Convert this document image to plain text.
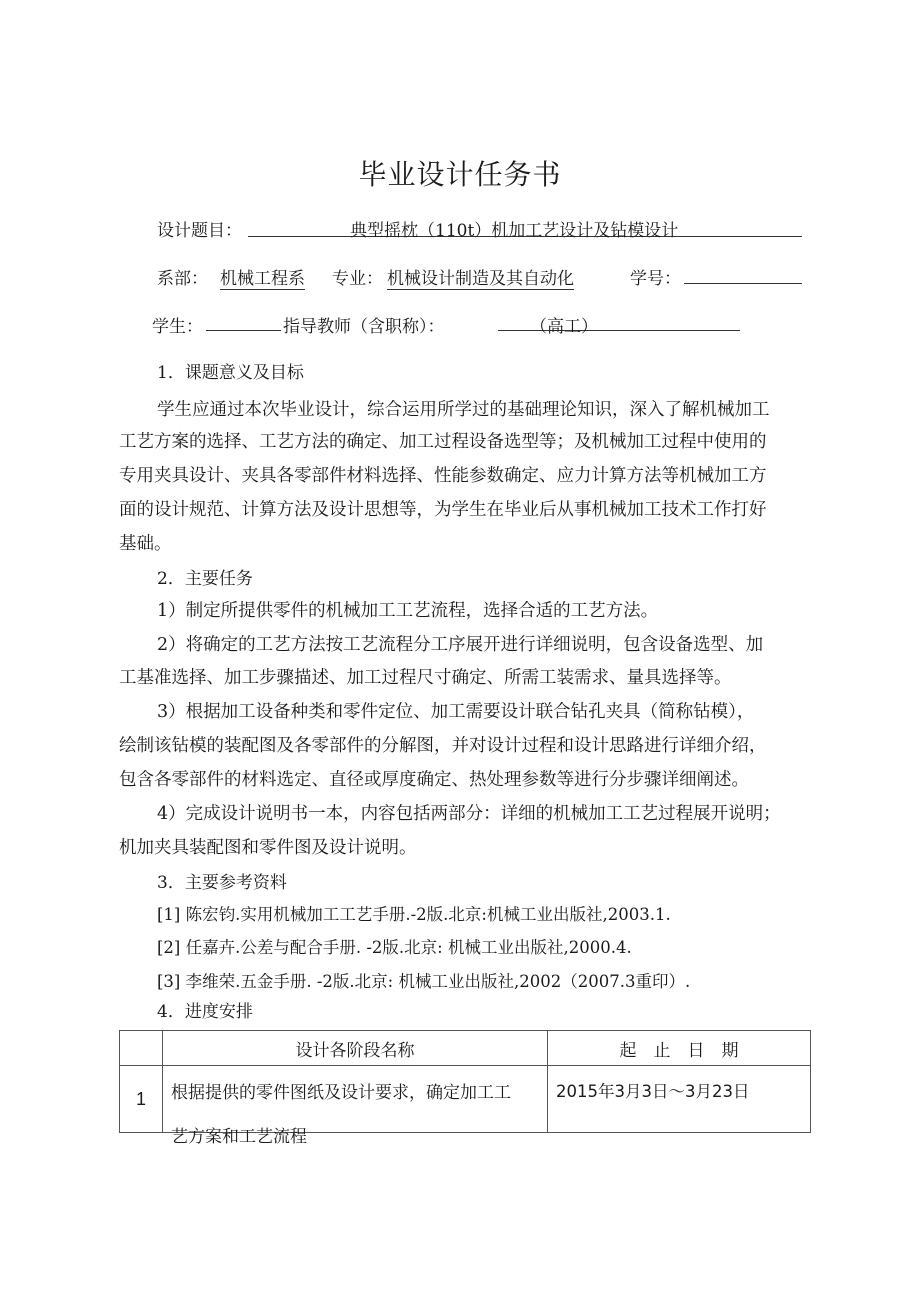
毕业设计任务书
设计题目：	典型摇枕（110t）机加工艺设计及钻模设计
系部： 机械工程系 专业： 机械设计制造及其自动化	学号：
学生：	指导教师（含职称）：	（高工）
1．课题意义及目标
学生应通过本次毕业设计，综合运用所学过的基础理论知识，深入了解机械加工
工艺方案的选择、工艺方法的确定、加工过程设备选型等；及机械加工过程中使用的
专用夹具设计、夹具各零部件材料选择、性能参数确定、应力计算方法等机械加工方
面的设计规范、计算方法及设计思想等，为学生在毕业后从事机械加工技术工作打好
基础。
2．主要任务
1）制定所提供零件的机械加工工艺流程，选择合适的工艺方法。
2）将确定的工艺方法按工艺流程分工序展开进行详细说明，包含设备选型、加
工基准选择、加工步骤描述、加工过程尺寸确定、所需工装需求、量具选择等。
3）根据加工设备种类和零件定位、加工需要设计联合钻孔夹具（简称钻模），
绘制该钻模的装配图及各零部件的分解图，并对设计过程和设计思路进行详细介绍，
包含各零部件的材料选定、直径或厚度确定、热处理参数等进行分步骤详细阐述。
4）完成设计说明书一本，内容包括两部分：详细的机械加工工艺过程展开说明；
机加夹具装配图和零件图及设计说明。
3．主要参考资料
[1] 陈宏钧.实用机械加工工艺手册.-2版.北京:机械工业出版社,2003.1.
[2] 任嘉卉.公差与配合手册. -2版.北京: 机械工业出版社,2000.4.
[3] 李维荣.五金手册. -2版.北京: 机械工业出版社,2002（2007.3重印）.
4．进度安排
	设计各阶段名称	起　止　日　期
1	根据提供的零件图纸及设计要求，确定加工工
艺方案和工艺流程	2015年3月3日～3月23日
